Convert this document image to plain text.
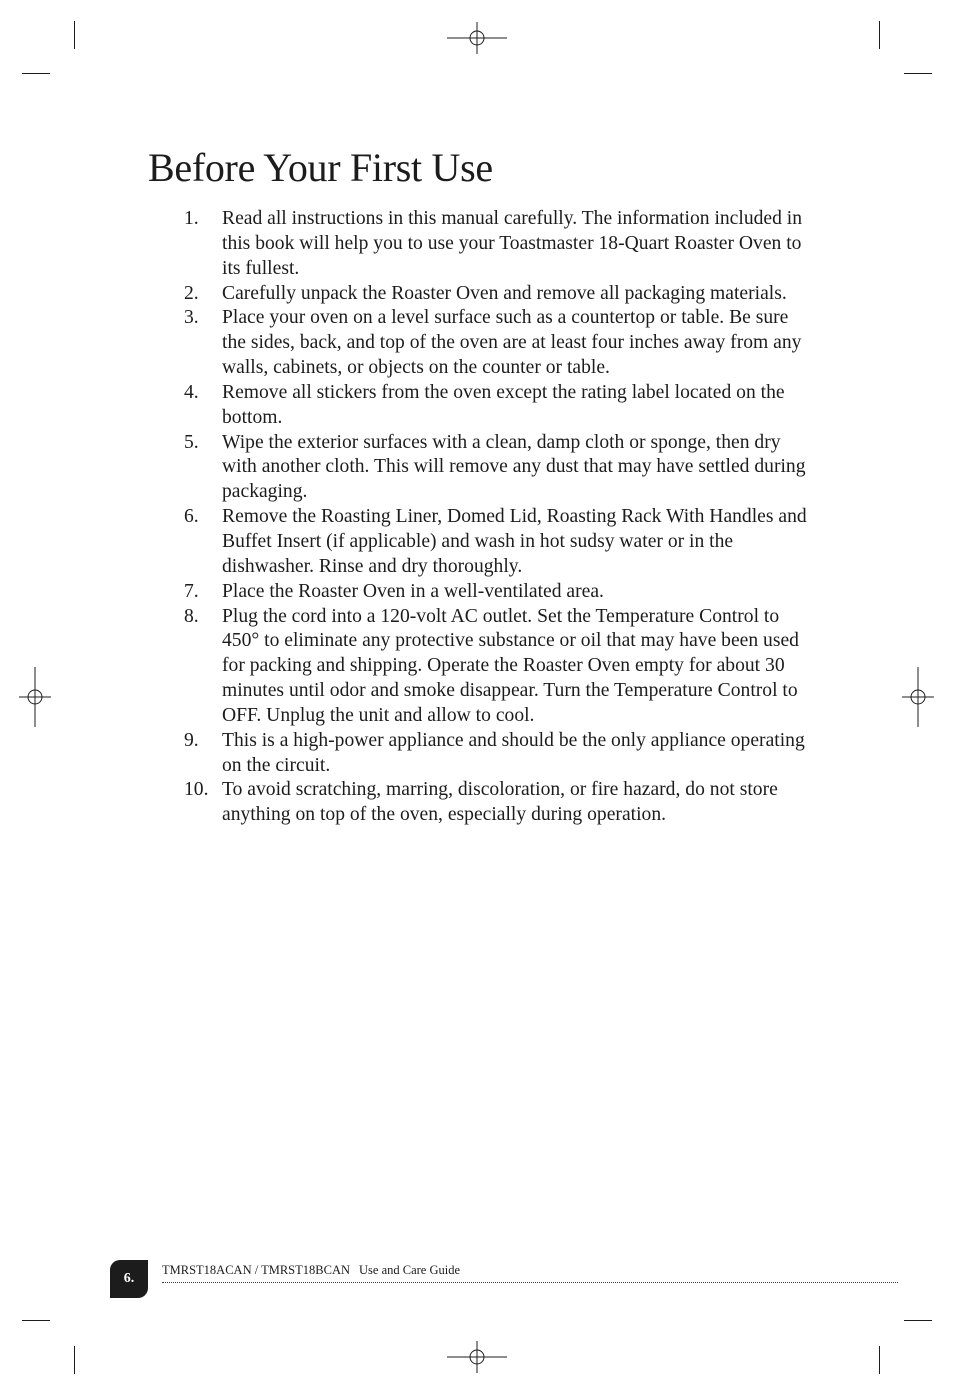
Before Your First Use
1.	Read all instructions in this manual carefully. The information included in this book will help you to use your Toastmaster 18-Quart Roaster Oven to its fullest.
2.	Carefully unpack the Roaster Oven and remove all packaging materials.
3.	Place your oven on a level surface such as a countertop or table. Be sure the sides, back, and top of the oven are at least four inches away from any walls, cabinets, or objects on the counter or table.
4.	Remove all stickers from the oven except the rating label located on the bottom.
5.	Wipe the exterior surfaces with a clean, damp cloth or sponge, then dry with another cloth. This will remove any dust that may have settled during packaging.
6.	Remove the Roasting Liner, Domed Lid, Roasting Rack With Handles and Buffet Insert (if applicable) and wash in hot sudsy water or in the dishwasher. Rinse and dry thoroughly.
7.	Place the Roaster Oven in a well-ventilated area.
8.	Plug the cord into a 120-volt AC outlet. Set the Temperature Control to 450° to eliminate any protective substance or oil that may have been used for packing and shipping. Operate the Roaster Oven empty for about 30 minutes until odor and smoke disappear. Turn the Temperature Control to OFF. Unplug the unit and allow to cool.
9.	This is a high-power appliance and should be the only appliance operating on the circuit.
10. To avoid scratching, marring, discoloration, or fire hazard, do not store anything on top of the oven, especially during operation.
6.
TMRST18ACAN / TMRST18BCAN Use and Care Guide
